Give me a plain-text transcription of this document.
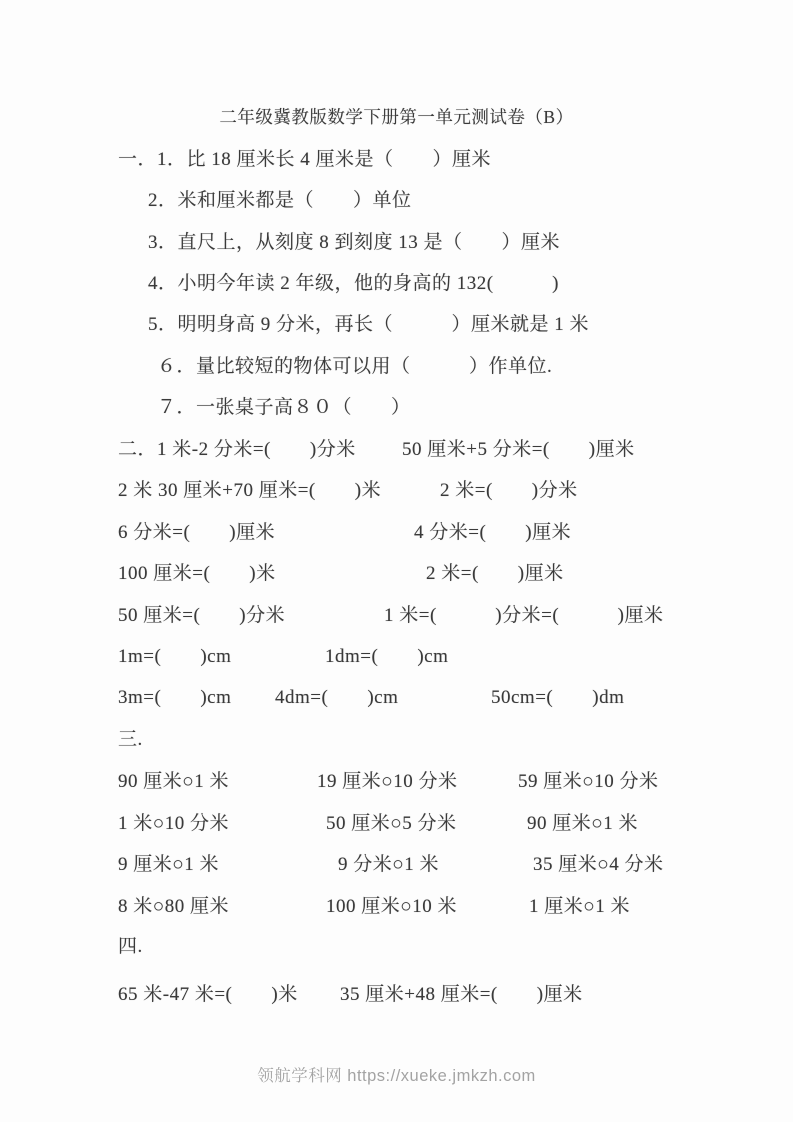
二年级冀教版数学下册第一单元测试卷（B）
一．1．比 18 厘米长 4 厘米是（　　）厘米
2．米和厘米都是（　　）单位
3．直尺上，从刻度 8 到刻度 13 是（　　）厘米
4．小明今年读 2 年级，他的身高的 132(　　　)
5．明明身高 9 分米，再长（　　　）厘米就是 1 米
６．量比较短的物体可以用（　　　）作单位.
７．一张桌子高８０（　　）
二．1 米-2 分米=(　　)分米 50 厘米+5 分米=(　　)厘米
2 米 30 厘米+70 厘米=(　　)米	2 米=(　　)分米
6 分米=(　　)厘米	4 分米=(　　)厘米
100 厘米=(　　)米	2 米=(　　)厘米
50 厘米=(　　)分米	1 米=(　　　)分米=(　　　)厘米
1m=(　　)cm	1dm=(　　)cm
3m=(　　)cm 4dm=(　　)cm	50cm=(　　)dm
三.
90 厘米○1 米	19 厘米○10 分米	59 厘米○10 分米
1 米○10 分米	50 厘米○5 分米	90 厘米○1 米
9 厘米○1 米	9 分米○1 米	35 厘米○4 分米
8 米○80 厘米	100 厘米○10 米	1 厘米○1 米
四.
65 米-47 米=(　　)米 35 厘米+48 厘米=(　　)厘米
领航学科网 https://xueke.jmkzh.com
